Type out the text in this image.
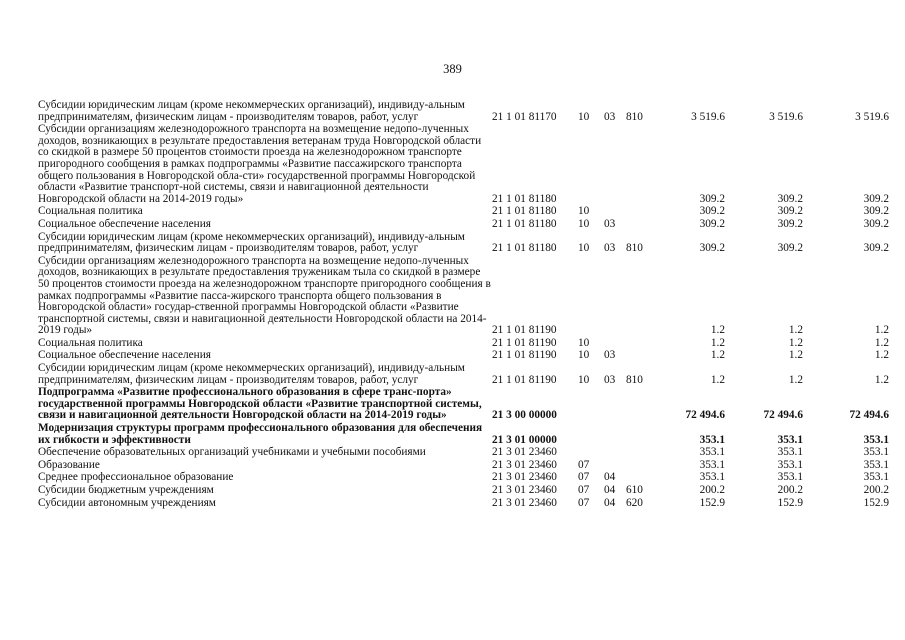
389
Субсидии юридическим лицам (кроме некоммерческих организаций), индивиду-альным предпринимателям, физическим лицам - производителям товаров, работ, услуг	21 1 01 81170	10	03	810	3 519.6	3 519.6	3 519.6
Субсидии организациям железнодорожного транспорта на возмещение недопо-лученных доходов, возникающих в результате предоставления ветеранам труда Новгородской области со скидкой в размере 50 процентов стоимости проезда на железнодорожном транспорте пригородного сообщения в рамках подпрограммы «Развитие пассажирского транспорта общего пользования в Новгородской обла-сти» государственной программы Новгородской области «Развитие транспорт-ной системы, связи и навигационной деятельности Новгородской области на 2014-2019 годы»	21 1 01 81180				309.2	309.2	309.2
Социальная политика	21 1 01 81180	10			309.2	309.2	309.2
Социальное обеспечение населения	21 1 01 81180	10	03		309.2	309.2	309.2
Субсидии юридическим лицам (кроме некоммерческих организаций), индивиду-альным предпринимателям, физическим лицам - производителям товаров, работ, услуг	21 1 01 81180	10	03	810	309.2	309.2	309.2
Субсидии организациям железнодорожного транспорта на возмещение недопо-лученных доходов, возникающих в результате предоставления труженикам тыла со скидкой в размере 50 процентов стоимости проезда на железнодорожном транспорте пригородного сообщения в рамках подпрограммы «Развитие пасса-жирского транспорта общего пользования в Новгородской области» государ-ственной программы Новгородской области «Развитие транспортной системы, связи и навигационной деятельности Новгородской области на 2014-2019 годы»	21 1 01 81190				1.2	1.2	1.2
Социальная политика	21 1 01 81190	10			1.2	1.2	1.2
Социальное обеспечение населения	21 1 01 81190	10	03		1.2	1.2	1.2
Субсидии юридическим лицам (кроме некоммерческих организаций), индивиду-альным предпринимателям, физическим лицам - производителям товаров, работ, услуг	21 1 01 81190	10	03	810	1.2	1.2	1.2
Подпрограмма «Развитие профессионального образования в сфере транс-порта» государственной программы Новгородской области «Развитие транспортной системы, связи и навигационной деятельности Новгородской области на 2014-2019 годы»	21 3 00 00000				72 494.6	72 494.6	72 494.6
Модернизация структуры программ профессионального образования для обеспечения их гибкости и эффективности	21 3 01 00000				353.1	353.1	353.1
Обеспечение образовательных организаций учебниками и учебными пособиями	21 3 01 23460				353.1	353.1	353.1
Образование	21 3 01 23460	07			353.1	353.1	353.1
Среднее профессиональное образование	21 3 01 23460	07	04		353.1	353.1	353.1
Субсидии бюджетным учреждениям	21 3 01 23460	07	04	610	200.2	200.2	200.2
Субсидии автономным учреждениям	21 3 01 23460	07	04	620	152.9	152.9	152.9
